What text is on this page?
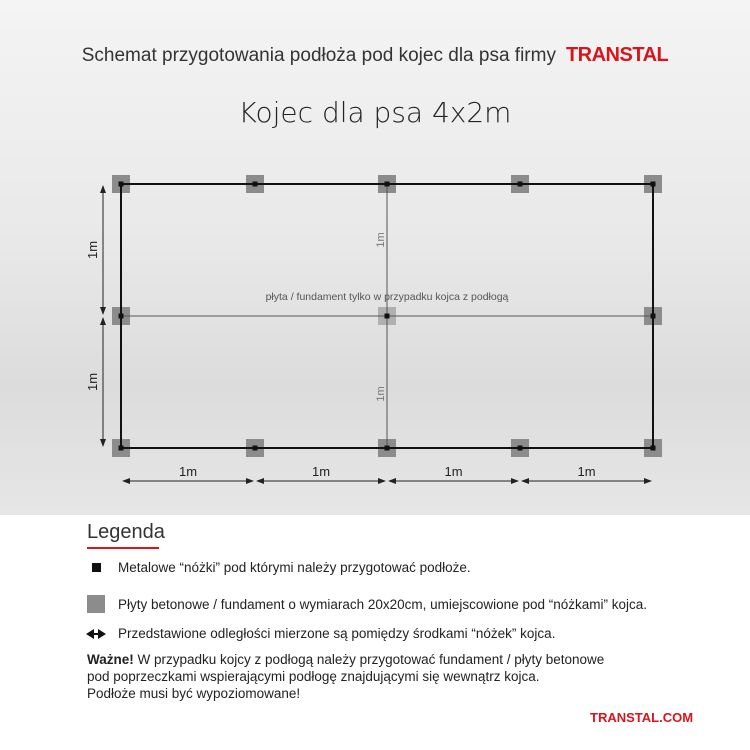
Schemat przygotowania podłoża pod kojec dla psa firmy TRANSTAL
Kojec dla psa 4x2m
płyta / fundament tylko w przypadku kojca z podłogą
1m	1m	1m	1m
1m
1m
1m
1m
Legenda
Metalowe “nóżki” pod którymi należy przygotować podłoże.
Płyty betonowe / fundament o wymiarach 20x20cm, umiejscowione pod “nóżkami” kojca.
Przedstawione odległości mierzone są pomiędzy środkami “nóżek” kojca.
Ważne! W przypadku kojcy z podłogą należy przygotować fundament / płyty betonowe
pod poprzeczkami wspierającymi podłogę znajdującymi się wewnątrz kojca.
Podłoże musi być wypoziomowane!
TRANSTAL.COM
